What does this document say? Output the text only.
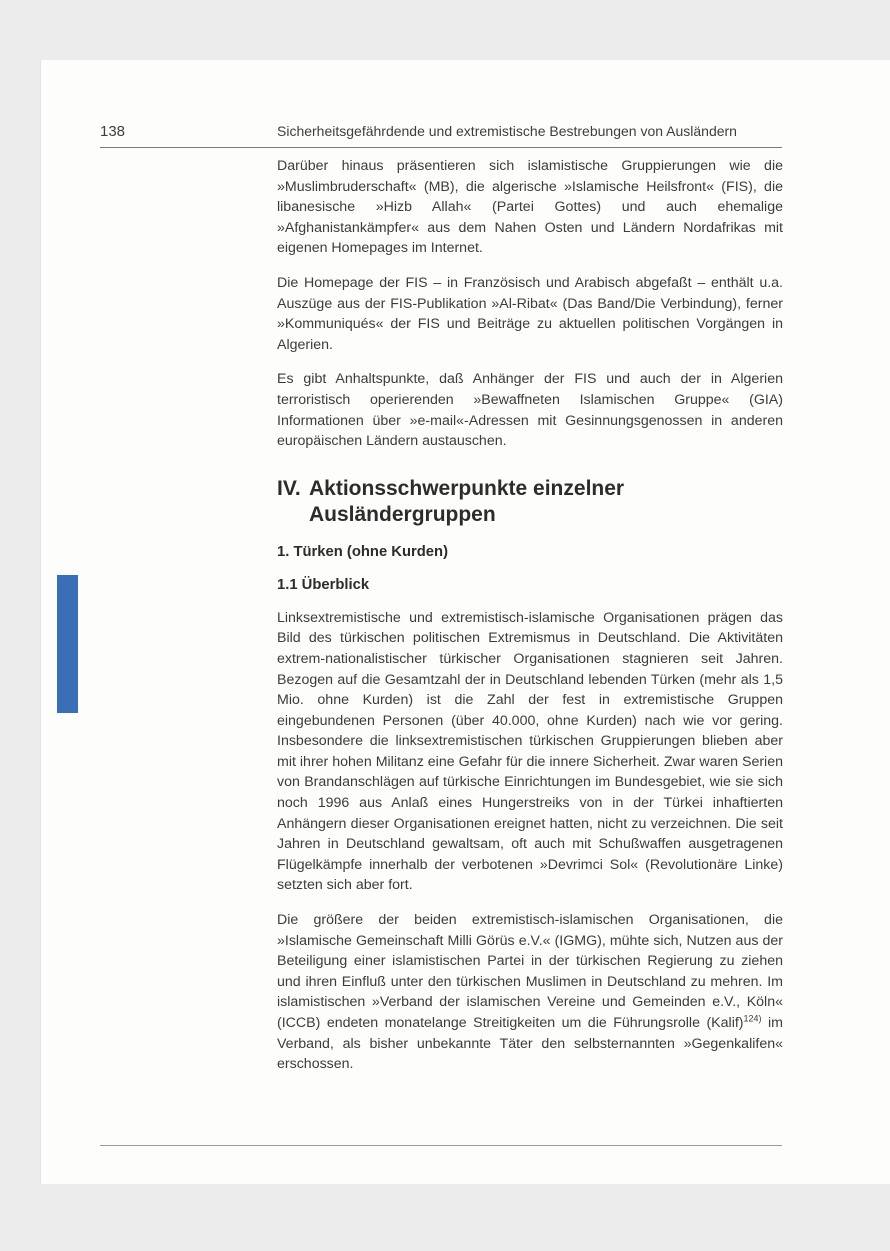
138	Sicherheitsgefährdende und extremistische Bestrebungen von Ausländern

Darüber hinaus präsentieren sich islamistische Gruppierungen wie die »Muslimbruderschaft« (MB), die algerische »Islamische Heilsfront« (FIS), die libanesische »Hizb Allah« (Partei Gottes) und auch ehemalige »Afghanistankämpfer« aus dem Nahen Osten und Ländern Nordafrikas mit eigenen Homepages im Internet.

Die Homepage der FIS – in Französisch und Arabisch abgefaßt – enthält u.a. Auszüge aus der FIS-Publikation »Al-Ribat« (Das Band/Die Verbindung), ferner »Kommuniqués« der FIS und Beiträge zu aktuellen politischen Vorgängen in Algerien.

Es gibt Anhaltspunkte, daß Anhänger der FIS und auch der in Algerien terroristisch operierenden »Bewaffneten Islamischen Gruppe« (GIA) Informationen über »e-mail«-Adressen mit Gesinnungsgenossen in anderen europäischen Ländern austauschen.

IV. Aktionsschwerpunkte einzelner Ausländergruppen
1. Türken (ohne Kurden)
1.1 Überblick

Linksextremistische und extremistisch-islamische Organisationen prägen das Bild des türkischen politischen Extremismus in Deutschland. Die Aktivitäten extrem-nationalistischer türkischer Organisationen stagnieren seit Jahren. Bezogen auf die Gesamtzahl der in Deutschland lebenden Türken (mehr als 1,5 Mio. ohne Kurden) ist die Zahl der fest in extremistische Gruppen eingebundenen Personen (über 40.000, ohne Kurden) nach wie vor gering. Insbesondere die linksextremistischen türkischen Gruppierungen blieben aber mit ihrer hohen Militanz eine Gefahr für die innere Sicherheit. Zwar waren Serien von Brandanschlägen auf türkische Einrichtungen im Bundesgebiet, wie sie sich noch 1996 aus Anlaß eines Hungerstreiks von in der Türkei inhaftierten Anhängern dieser Organisationen ereignet hatten, nicht zu verzeichnen. Die seit Jahren in Deutschland gewaltsam, oft auch mit Schußwaffen ausgetragenen Flügelkämpfe innerhalb der verbotenen »Devrimci Sol« (Revolutionäre Linke) setzten sich aber fort.

Die größere der beiden extremistisch-islamischen Organisationen, die »Islamische Gemeinschaft Milli Görüs e.V.« (IGMG), mühte sich, Nutzen aus der Beteiligung einer islamistischen Partei in der türkischen Regierung zu ziehen und ihren Einfluß unter den türkischen Muslimen in Deutschland zu mehren. Im islamistischen »Verband der islamischen Vereine und Gemeinden e.V., Köln« (ICCB) endeten monatelange Streitigkeiten um die Führungsrolle (Kalif)$^{124)}$ im Verband, als bisher unbekannte Täter den selbsternannten »Gegenkalifen« erschossen.
